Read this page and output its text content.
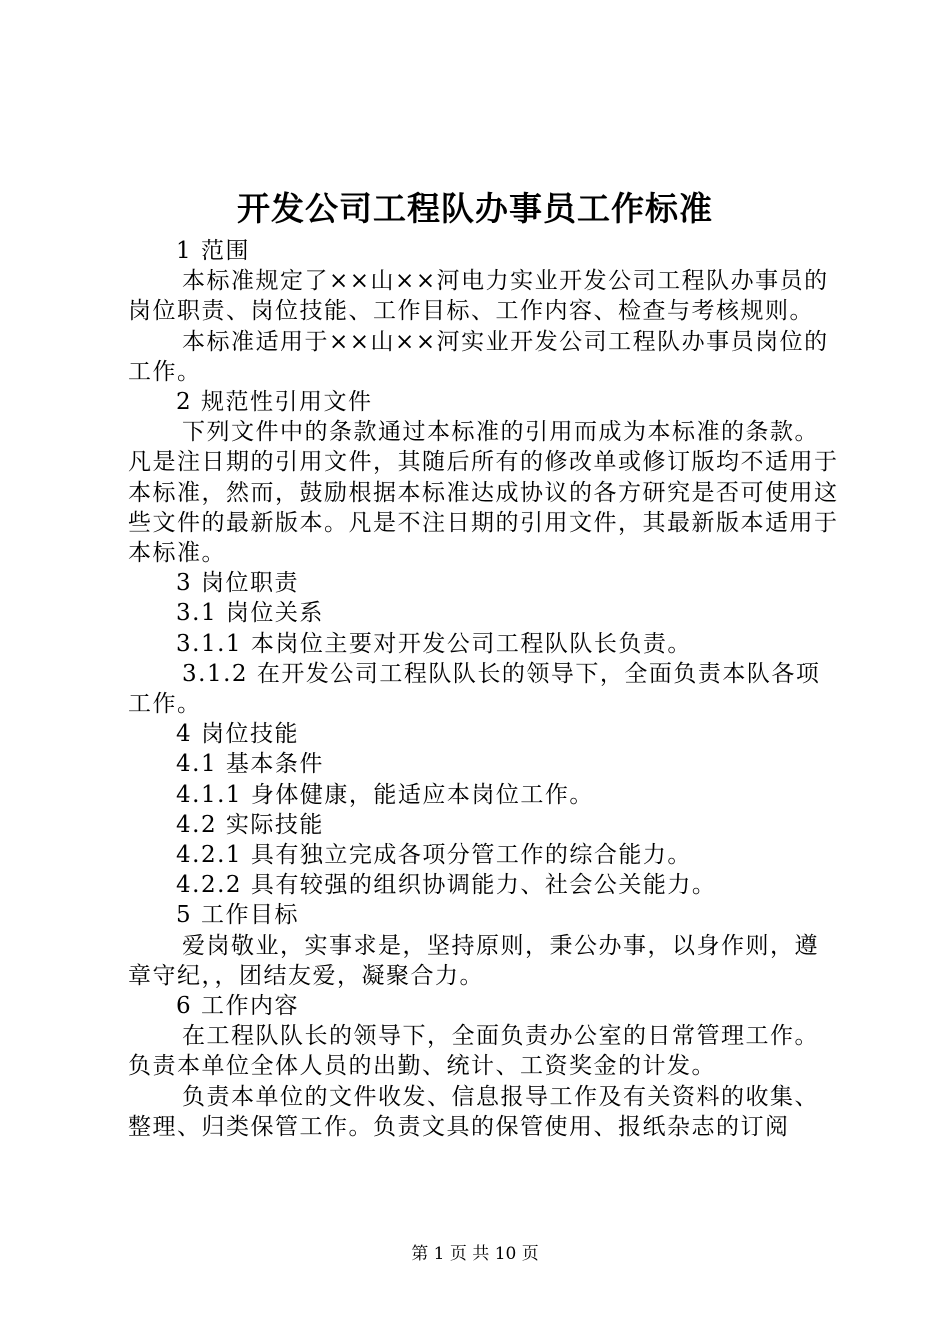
开发公司工程队办事员工作标准

1 范围

本标准规定了××山××河电力实业开发公司工程队办事员的岗位职责、岗位技能、工作目标、工作内容、检查与考核规则。

本标准适用于××山××河实业开发公司工程队办事员岗位的工作。

2 规范性引用文件

下列文件中的条款通过本标准的引用而成为本标准的条款。凡是注日期的引用文件，其随后所有的修改单或修订版均不适用于本标准，然而，鼓励根据本标准达成协议的各方研究是否可使用这些文件的最新版本。凡是不注日期的引用文件，其最新版本适用于本标准。

3 岗位职责

3.1 岗位关系

3.1.1 本岗位主要对开发公司工程队队长负责。

3.1.2 在开发公司工程队队长的领导下，全面负责本队各项工作。

4 岗位技能

4.1 基本条件

4.1.1 身体健康，能适应本岗位工作。

4.2 实际技能

4.2.1 具有独立完成各项分管工作的综合能力。

4.2.2 具有较强的组织协调能力、社会公关能力。

5 工作目标

爱岗敬业，实事求是，坚持原则，秉公办事，以身作则，遵章守纪，，团结友爱，凝聚合力。

6 工作内容

在工程队队长的领导下，全面负责办公室的日常管理工作。负责本单位全体人员的出勤、统计、工资奖金的计发。

负责本单位的文件收发、信息报导工作及有关资料的收集、整理、归类保管工作。负责文具的保管使用、报纸杂志的订阅

第 1 页 共 10 页
